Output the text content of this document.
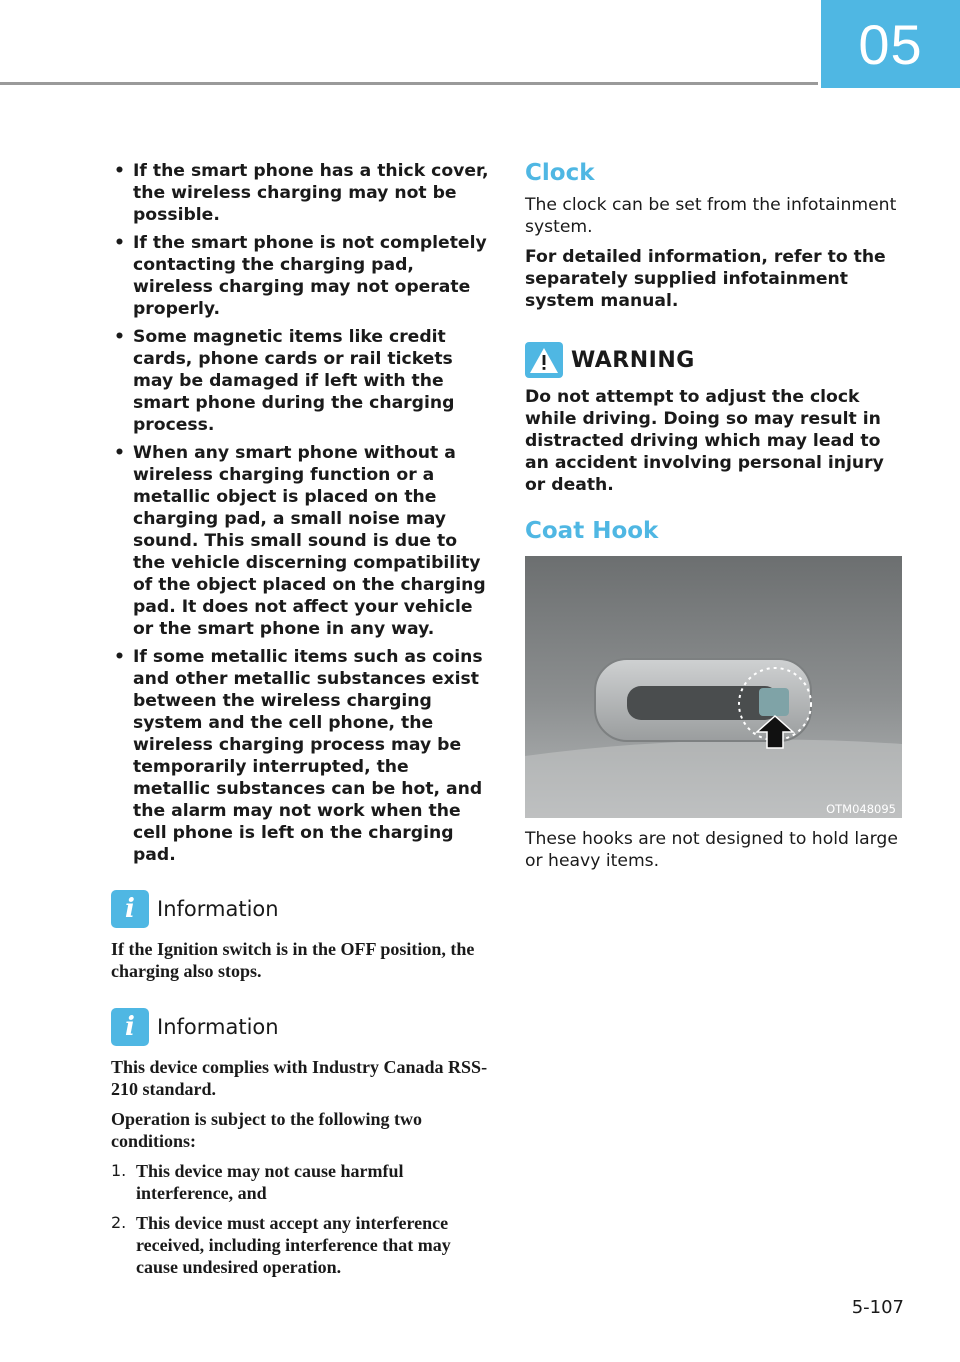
05
• If the smart phone has a thick cover, the wireless charging may not be possible.
• If the smart phone is not completely contacting the charging pad, wireless charging may not operate properly.
• Some magnetic items like credit cards, phone cards or rail tickets may be damaged if left with the smart phone during the charging process.
• When any smart phone without a wireless charging function or a metallic object is placed on the charging pad, a small noise may sound. This small sound is due to the vehicle discerning compatibility of the object placed on the charging pad. It does not affect your vehicle or the smart phone in any way.
• If some metallic items such as coins and other metallic substances exist between the wireless charging system and the cell phone, the wireless charging process may be temporarily interrupted, the metallic substances can be hot, and the alarm may not work when the cell phone is left on the charging pad.
i	Information

If the Ignition switch is in the OFF position, the charging also stops.

i	Information

This device complies with Industry Canada RSS-210 standard.

Operation is subject to the following two conditions:

1. This device may not cause harmful interference, and
2. This device must accept any interference received, including interference that may cause undesired operation.
Clock

The clock can be set from the infotainment system.

For detailed information, refer to the separately supplied infotainment system manual.

WARNING

Do not attempt to adjust the clock while driving. Doing so may result in distracted driving which may lead to an accident involving personal injury or death.

Coat Hook
OTM048095

These hooks are not designed to hold large or heavy items.

5-107
